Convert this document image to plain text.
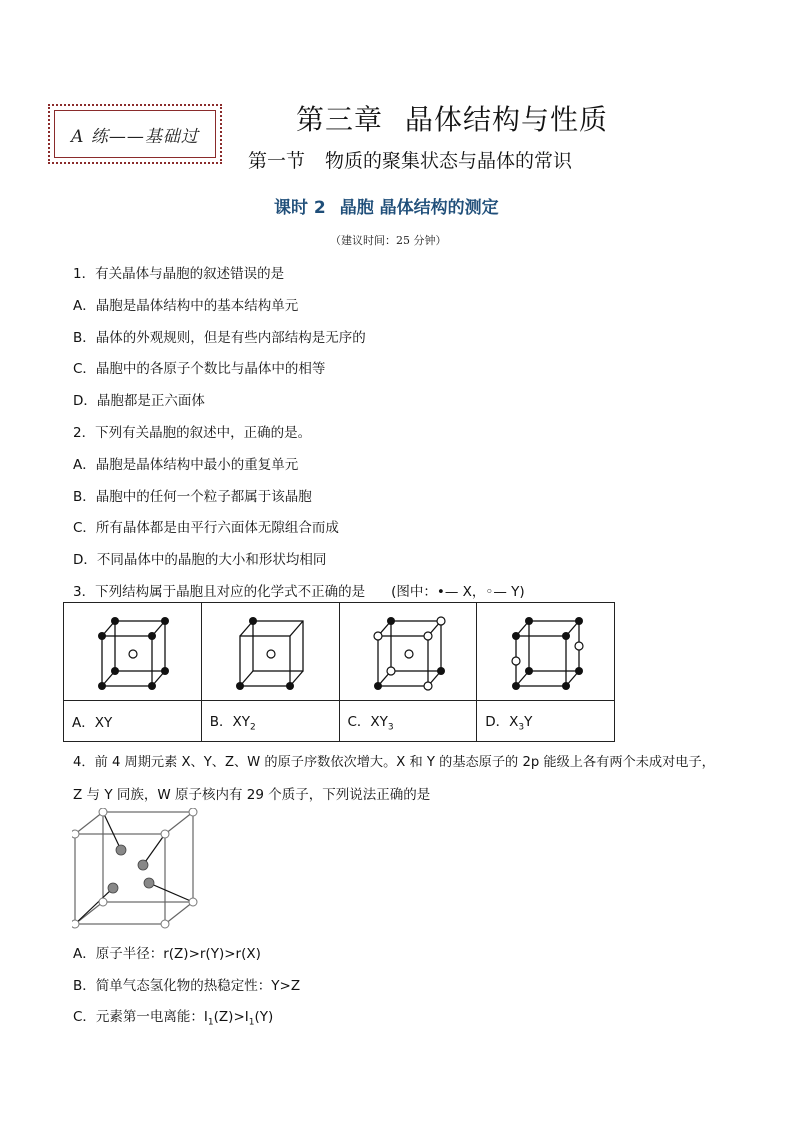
A 练——基础过
第三章 晶体结构与性质
第一节 物质的聚集状态与晶体的常识
课时 2 晶胞 晶体结构的测定
（建议时间：25 分钟）
1．有关晶体与晶胞的叙述错误的是
A．晶胞是晶体结构中的基本结构单元
B．晶体的外观规则，但是有些内部结构是无序的
C．晶胞中的各原子个数比与晶体中的相等
D．晶胞都是正六面体
2．下列有关晶胞的叙述中，正确的是。
A．晶胞是晶体结构中最小的重复单元
B．晶胞中的任何一个粒子都属于该晶胞
C．所有晶体都是由平行六面体无隙组合而成
D．不同晶体中的晶胞的大小和形状均相同
3．下列结构属于晶胞且对应的化学式不正确的是 (图中：•— X，◦— Y)

A．XY	B．$XY_2$	C．$XY_3$	D．$X_3Y$
4．前 4 周期元素 X、Y、Z、W 的原子序数依次增大。X 和 Y 的基态原子的 2p 能级上各有两个未成对电子，
Z 与 Y 同族，W 原子核内有 29 个质子，下列说法正确的是
A．原子半径：r(Z)>r(Y)>r(X)
B．简单气态氢化物的热稳定性：Y>Z
C．元素第一电离能：$I_1(Z)>I_1(Y)$
